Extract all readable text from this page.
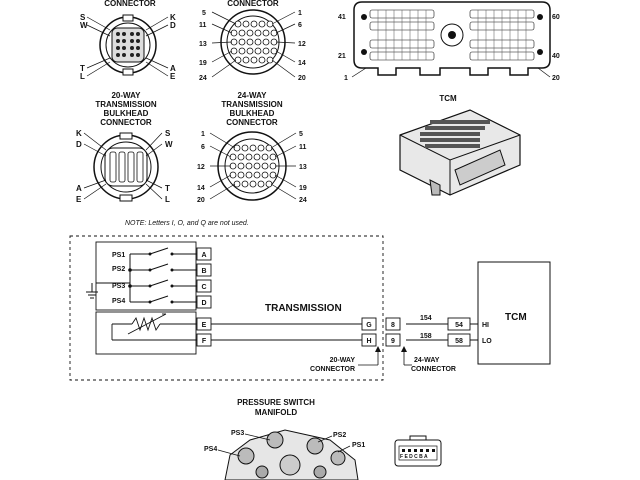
CONNECTOR
S
W
T
L
K
D
A
E
CONNECTOR
5
11
13
19
24
1
6
12
14
20
41
21
1
60
40
20
20-WAY
TRANSMISSION
BULKHEAD
CONNECTOR
K
D
A
E
S
W
T
L
24-WAY
TRANSMISSION
BULKHEAD
CONNECTOR
1
6
12
14
20
5
11
13
19
24
TCM
NOTE: Letters I, O, and Q are not used.
PS1
PS2
PS3
PS4
A
B
C
D
E
F
TRANSMISSION
G
H
8
9
154
158
54
58
HI
LO
TCM
20-WAY
CONNECTOR
24-WAY
CONNECTOR
PRESSURE SWITCH
MANIFOLD
PS3
PS4
PS2
PS1
F E D C B A
